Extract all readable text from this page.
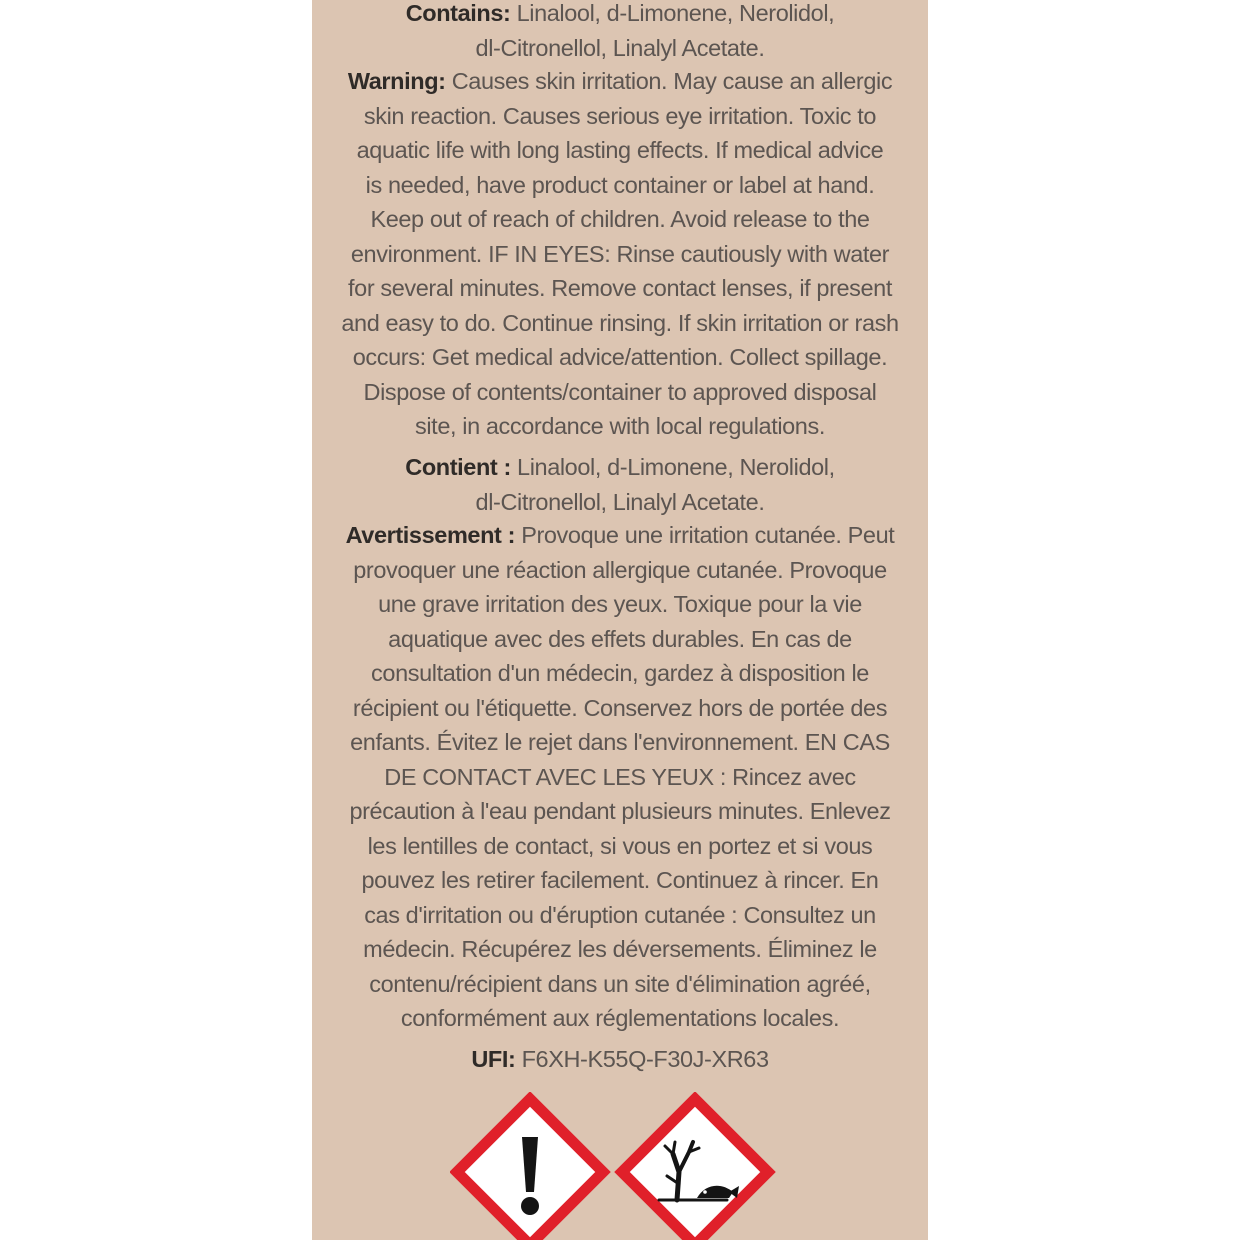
Contains: Linalool, d-Limonene, Nerolidol,
dl-Citronellol, Linalyl Acetate.
Warning: Causes skin irritation. May cause an allergic
skin reaction. Causes serious eye irritation. Toxic to
aquatic life with long lasting effects. If medical advice
is needed, have product container or label at hand.
Keep out of reach of children. Avoid release to the
environment. IF IN EYES: Rinse cautiously with water
for several minutes. Remove contact lenses, if present
and easy to do. Continue rinsing. If skin irritation or rash
occurs: Get medical advice/attention. Collect spillage.
Dispose of contents/container to approved disposal
site, in accordance with local regulations.
Contient : Linalool, d-Limonene, Nerolidol,
dl-Citronellol, Linalyl Acetate.
Avertissement : Provoque une irritation cutanée. Peut
provoquer une réaction allergique cutanée. Provoque
une grave irritation des yeux. Toxique pour la vie
aquatique avec des effets durables. En cas de
consultation d'un médecin, gardez à disposition le
récipient ou l'étiquette. Conservez hors de portée des
enfants. Évitez le rejet dans l'environnement. EN CAS
DE CONTACT AVEC LES YEUX : Rincez avec
précaution à l'eau pendant plusieurs minutes. Enlevez
les lentilles de contact, si vous en portez et si vous
pouvez les retirer facilement. Continuez à rincer. En
cas d'irritation ou d'éruption cutanée : Consultez un
médecin. Récupérez les déversements. Éliminez le
contenu/récipient dans un site d'élimination agréé,
conformément aux réglementations locales.
UFI: F6XH-K55Q-F30J-XR63
